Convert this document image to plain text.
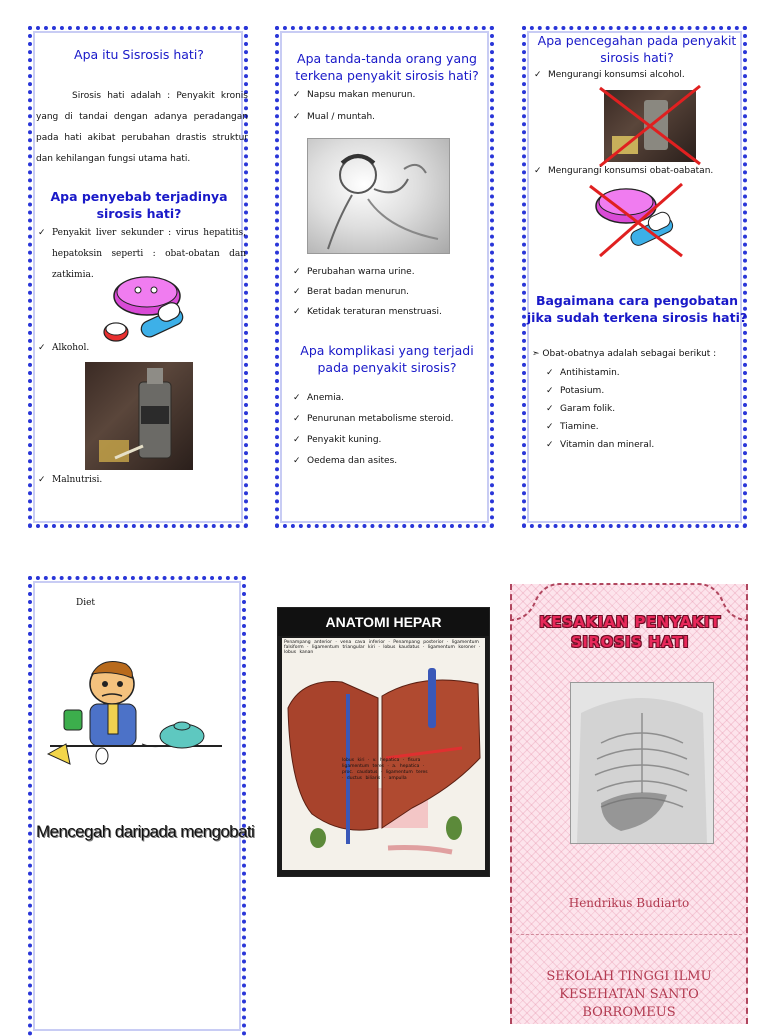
Apa itu Sisrosis hati?
Sirosis hati adalah : Penyakit kronis yang di tandai dengan adanya peradangan pada hati akibat perubahan drastis struktur dan kehilangan fungsi utama hati.
Apa penyebab terjadinya sirosis hati?
✓ Penyakit liver sekunder : virus hepatitis, hepatoksin seperti : obat-obatan dan zatkimia.
✓ Alkohol.
✓ Malnutrisi.
Apa tanda-tanda orang yang terkena penyakit sirosis hati?
✓ Napsu makan menurun.
✓ Mual / muntah.
✓ Perubahan warna urine.
✓ Berat badan menurun.
✓ Ketidak teraturan menstruasi.
Apa komplikasi yang terjadi pada penyakit sirosis?
✓ Anemia.
✓ Penurunan metabolisme steroid.
✓ Penyakit kuning.
✓ Oedema dan asites.
Apa pencegahan pada penyakit sirosis hati?
✓ Mengurangi konsumsi alcohol.
✓ Mengurangi konsumsi obat-oabatan.
Bagaimana cara pengobatan jika sudah terkena sirosis hati?
➣ Obat-obatnya adalah sebagai berikut :
✓ Antihistamin.
✓ Potasium.
✓ Garam folik.
✓ Tiamine.
✓ Vitamin dan mineral.
Diet
Mencegah daripada mengobati
ANATOMI HEPAR
Penampang anterior · vena cava inferior · Penampang posterior · ligamentum falsiform · ligamentum triangular kiri · lobus kaudatus · ligamentum koroner · lobus kanan
lobus kiri · v. hepatica · fisura ligamentum teres · a. hepatica · proc. caudatus · ligamentum teres · ductus biliaris · ampulla
KESAKIAN PENYAKIT
SIROSIS HATI
Hendrikus Budiarto
SEKOLAH TINGGI ILMU
KESEHATAN SANTO
BORROMEUS
